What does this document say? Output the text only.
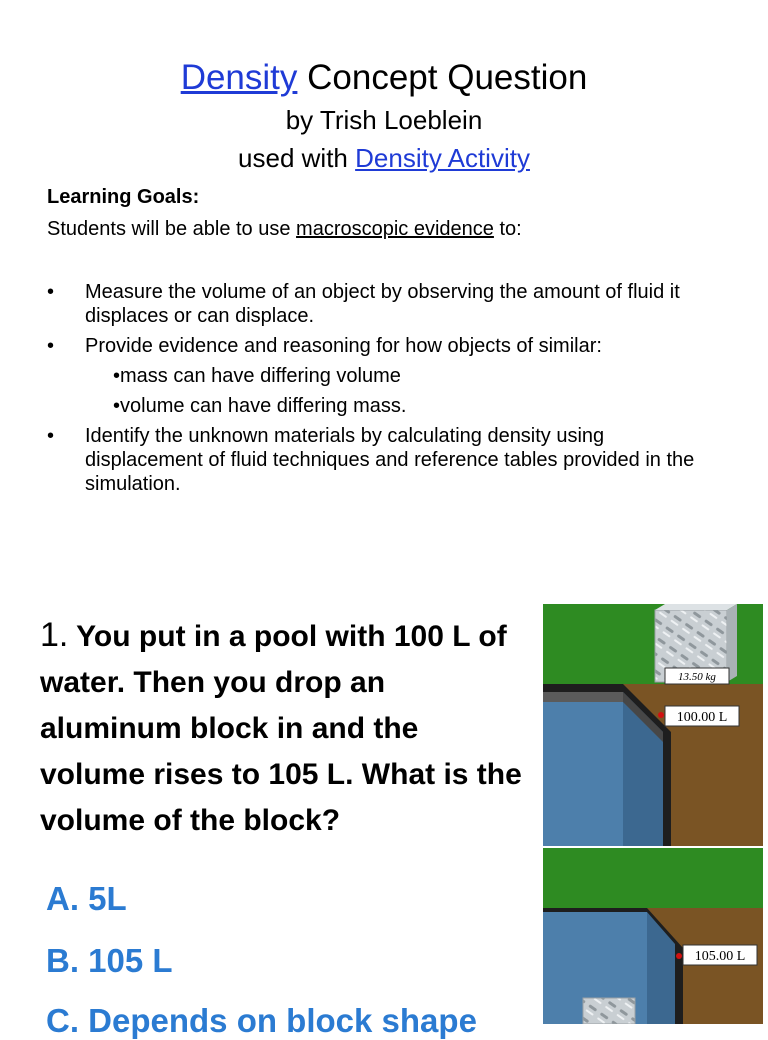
Density Concept Question
by Trish Loeblein
used with Density Activity
Learning Goals:
Students will be able to use macroscopic evidence to:
• Measure the volume of an object by observing the amount of fluid it displaces or can displace.
• Provide evidence and reasoning for how objects of similar:
•mass can have differing volume
•volume can have differing mass.
• Identify the unknown materials by calculating density using displacement of fluid techniques and reference tables provided in the simulation.
1. You put in a pool with 100 L of water. Then you drop an aluminum block in and the volume rises to 105 L. What is the volume of the block?
A. 5L
B. 105 L
C. Depends on block shape
13.50 kg
100.00 L
105.00 L
